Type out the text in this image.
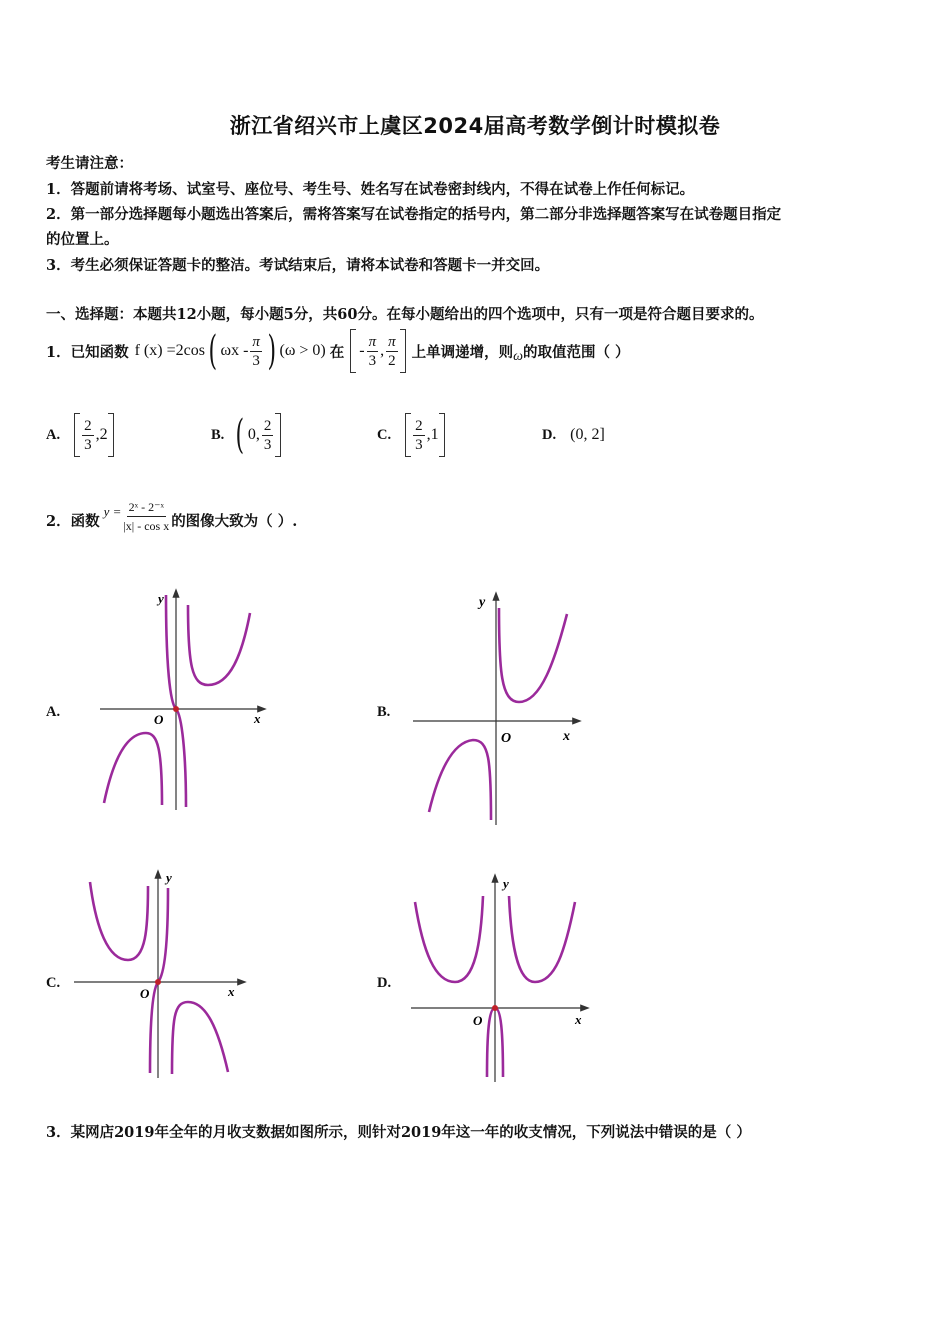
浙江省绍兴市上虞区2024届高考数学倒计时模拟卷
考生请注意：
1．答题前请将考场、试室号、座位号、考生号、姓名写在试卷密封线内，不得在试卷上作任何标记。
2．第一部分选择题每小题选出答案后，需将答案写在试卷指定的括号内，第二部分非选择题答案写在试卷题目指定
的位置上。
3．考生必须保证答题卡的整洁。考试结束后，请将本试卷和答题卡一并交回。
一、选择题：本题共12小题，每小题5分，共60分。在每小题给出的四个选项中，只有一项是符合题目要求的。
1．已知函数 f (x) =2cos ( ωx - $\frac{\pi}{3}$ ) (ω > 0) 在 - $\frac{\pi}{3}$ , $\frac{\pi}{2}$ 上单调递增，则 ω 的取值范围（ ）
A. $\frac{2}{3} ,2$	B. ( 0, $\frac{2}{3}$	C. $\frac{2}{3} ,1$	D. (0, 2]
2．函数
$y = \frac{\text{2ˣ - 2⁻ˣ}}{\text{|x| - cos x}}$ 的图像大致为（ ）.
A.	B.
C.	D.
O	x
y
O	x
y
O	x
y
O	x
y
3．某网店2019年全年的月收支数据如图所示，则针对2019年这一年的收支情况，下列说法中错误的是（ ）
